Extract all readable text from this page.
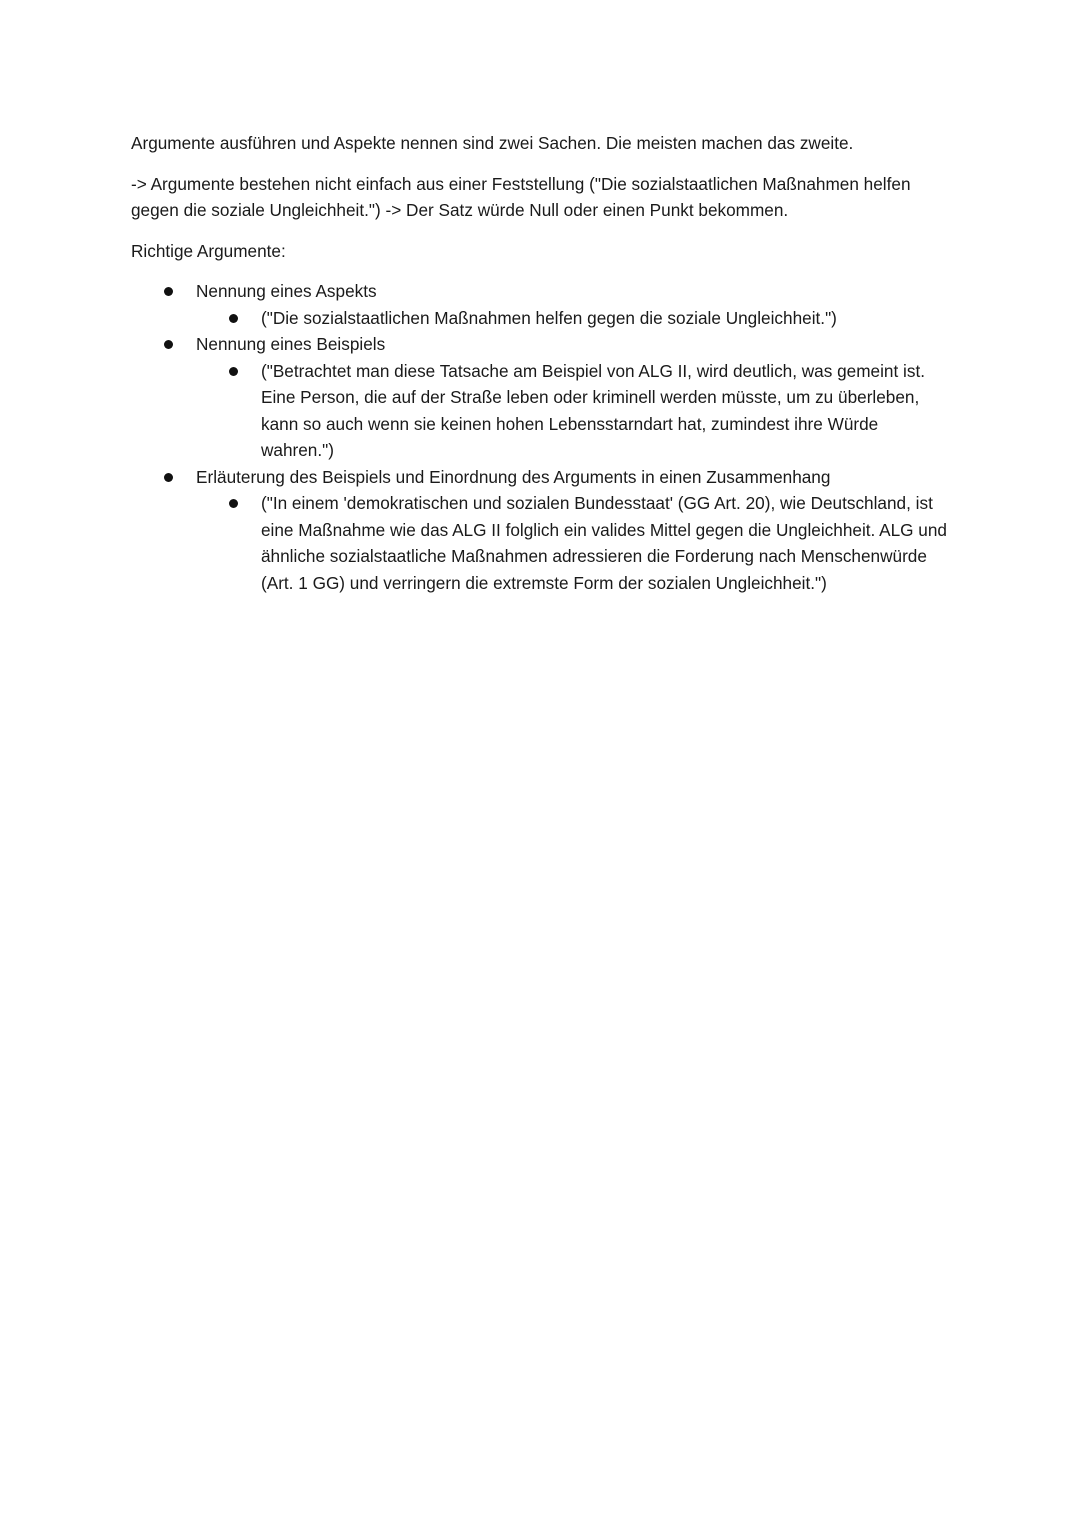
Argumente ausführen und Aspekte nennen sind zwei Sachen. Die meisten machen das zweite.

-> Argumente bestehen nicht einfach aus einer Feststellung ("Die sozialstaatlichen Maßnahmen helfen gegen die soziale Ungleichheit.") -> Der Satz würde Null oder einen Punkt bekommen.

Richtige Argumente:

Nennung eines Aspekts
("Die sozialstaatlichen Maßnahmen helfen gegen die soziale Ungleichheit.")
Nennung eines Beispiels
("Betrachtet man diese Tatsache am Beispiel von ALG II, wird deutlich, was gemeint ist. Eine Person, die auf der Straße leben oder kriminell werden müsste, um zu überleben, kann so auch wenn sie keinen hohen Lebensstarndart hat, zumindest ihre Würde wahren.")
Erläuterung des Beispiels und Einordnung des Arguments in einen Zusammenhang
("In einem 'demokratischen und sozialen Bundesstaat' (GG Art. 20), wie Deutschland, ist eine Maßnahme wie das ALG II folglich ein valides Mittel gegen die Ungleichheit. ALG und ähnliche sozialstaatliche Maßnahmen adressieren die Forderung nach Menschenwürde (Art. 1 GG) und verringern die extremste Form der sozialen Ungleichheit.")
